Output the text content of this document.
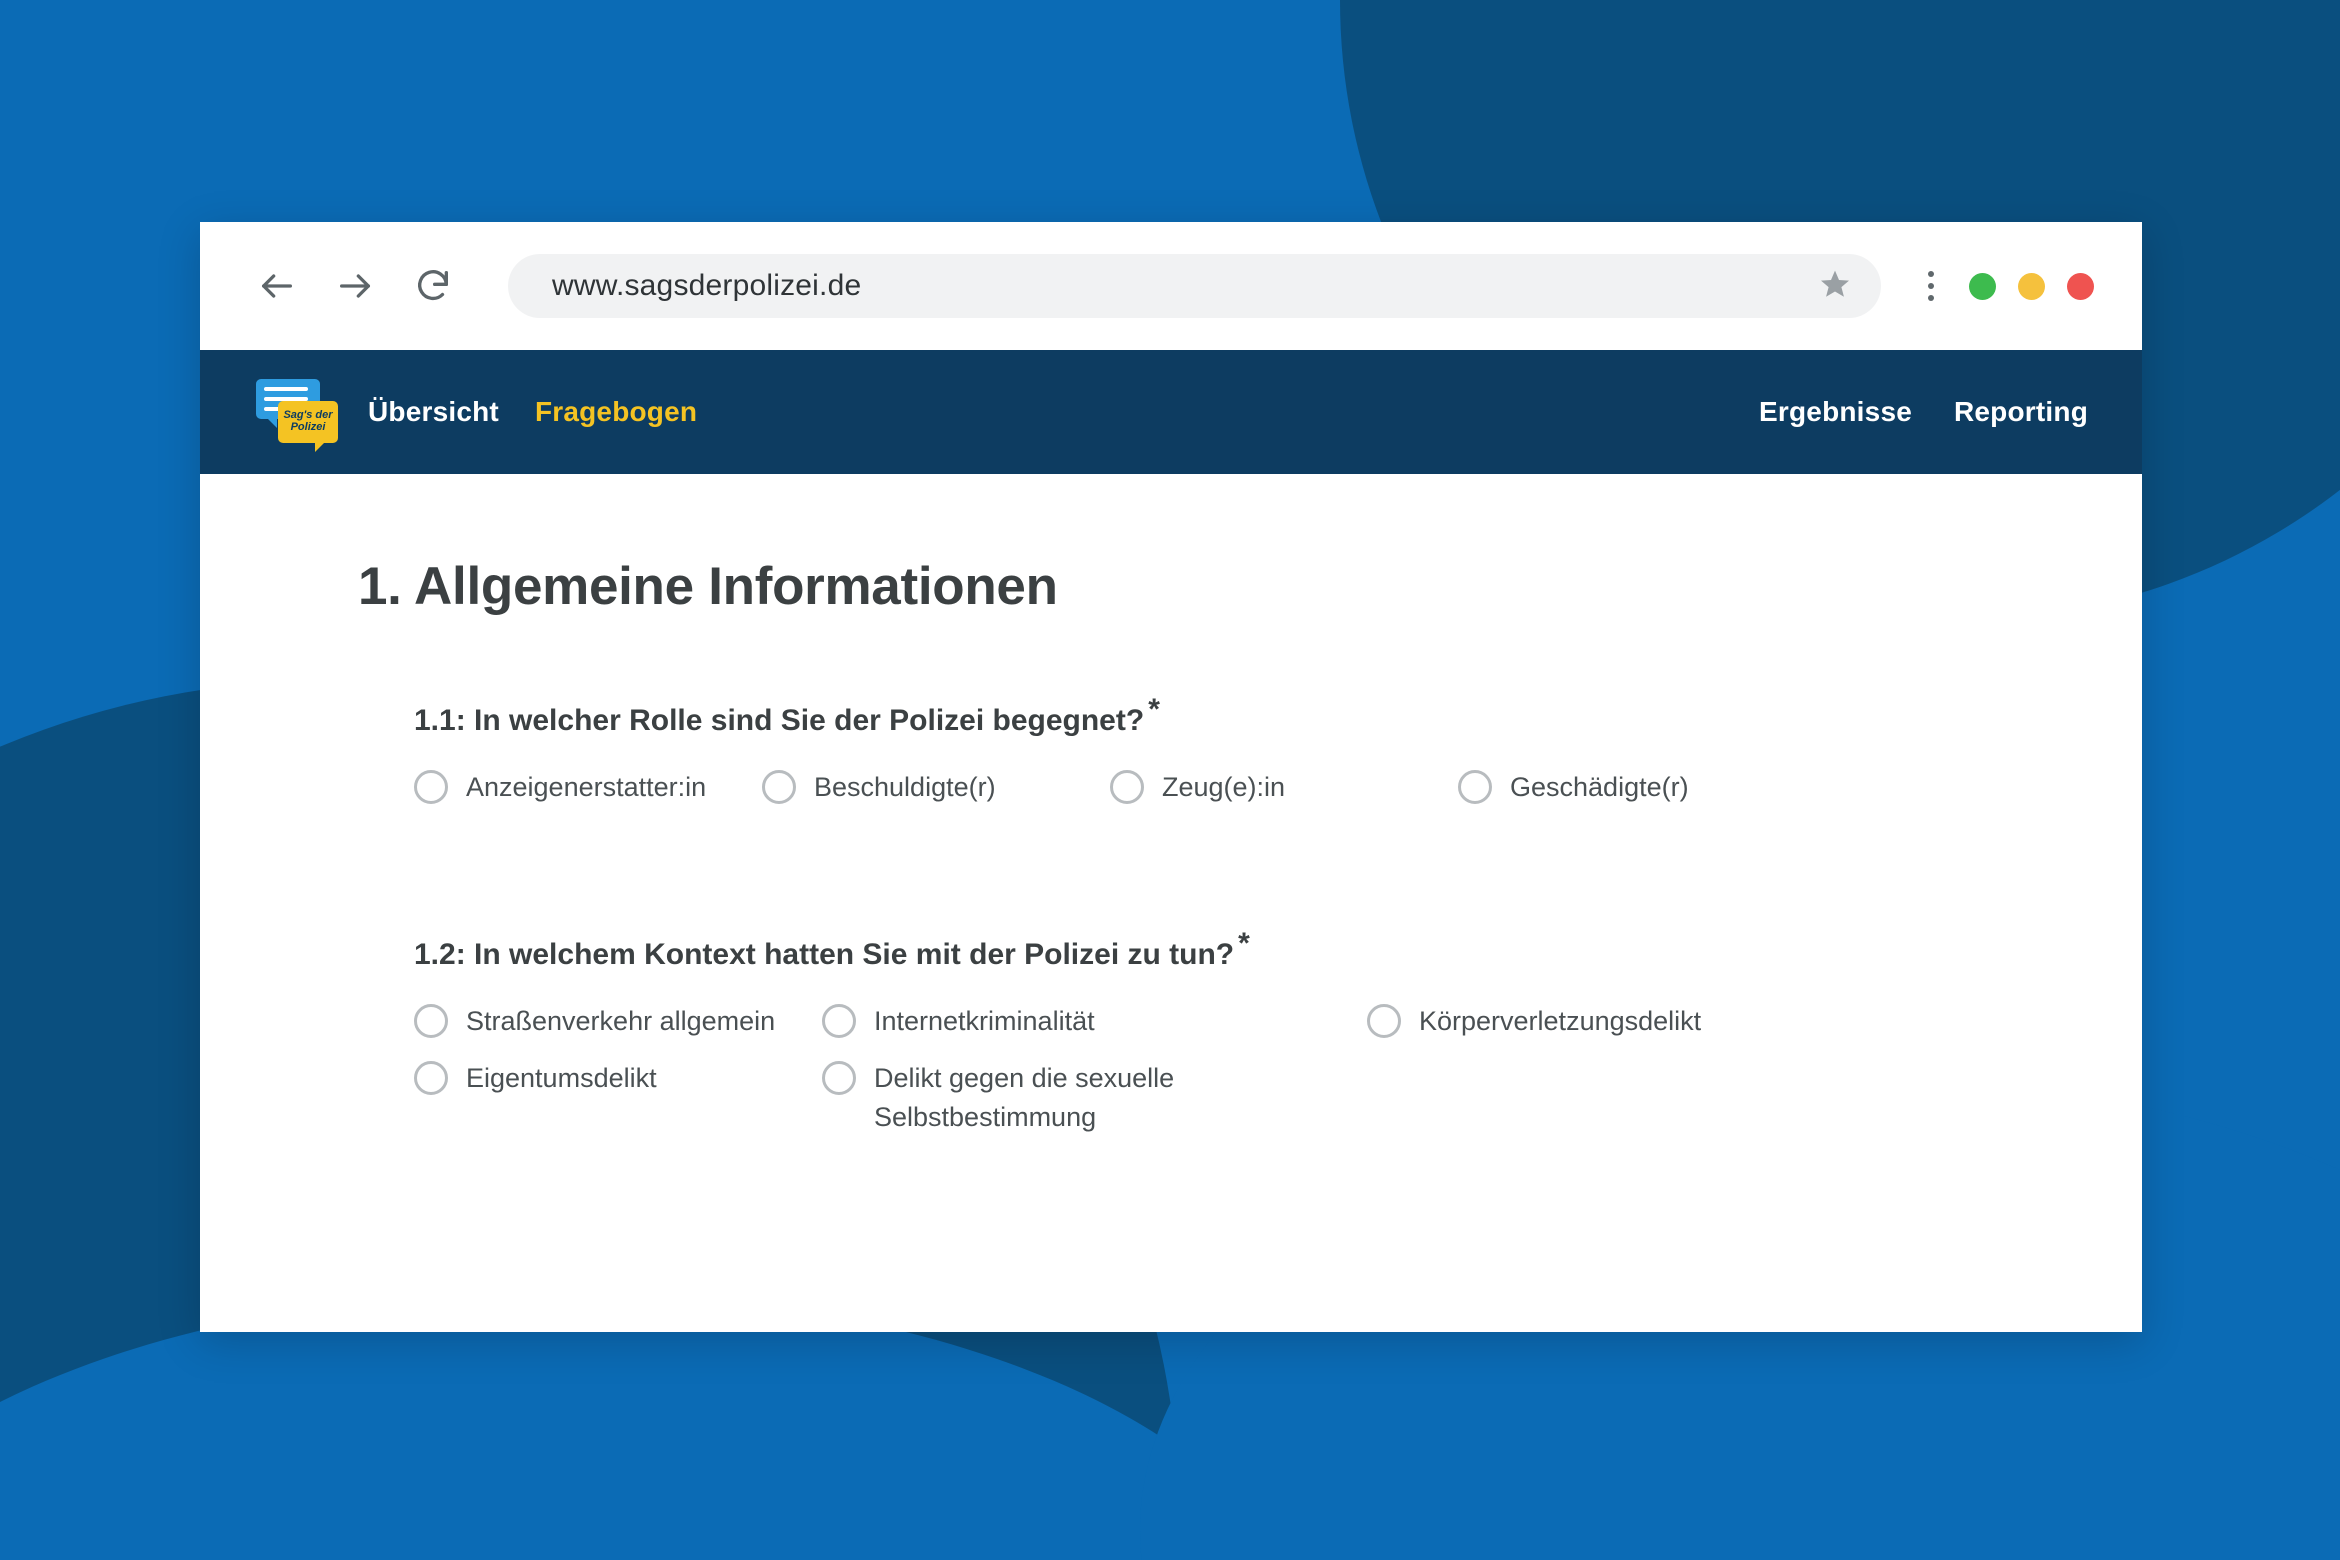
www.sagsderpolizei.de
Sag's der
Polizei Übersicht Fragebogen	Ergebnisse Reporting
1. Allgemeine Informationen
1.1: In welcher Rolle sind Sie der Polizei begegnet? *
Anzeigenerstatter:in	Beschuldigte(r)	Zeug(e):in	Geschädigte(r)
1.2: In welchem Kontext hatten Sie mit der Polizei zu tun? *
Straßenverkehr allgemein	Internetkriminalität	Körperverletzungsdelikt
Eigentumsdelikt	Delikt gegen die sexuelle Selbstbestimmung
